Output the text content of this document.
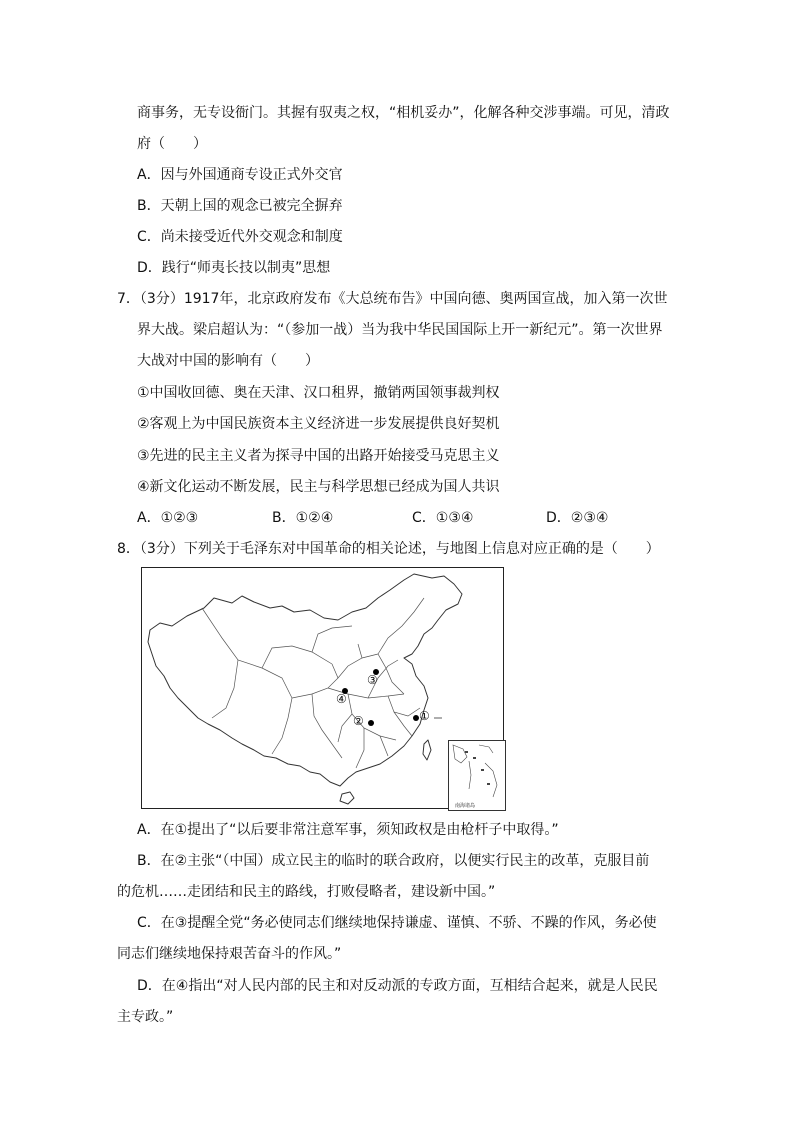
商事务，无专设衙门。其握有驭夷之权，“相机妥办”，化解各种交涉事端。可见，清政
府（　　）
A．因与外国通商专设正式外交官
B．天朝上国的观念已被完全摒弃
C．尚未接受近代外交观念和制度
D．践行“师夷长技以制夷”思想
7．（3分）1917年，北京政府发布《大总统布告》中国向德、奥两国宣战，加入第一次世
界大战。梁启超认为：“（参加一战）当为我中华民国国际上开一新纪元”。第一次世界
大战对中国的影响有（　　）
①中国收回德、奥在天津、汉口租界，撤销两国领事裁判权
②客观上为中国民族资本主义经济进一步发展提供良好契机
③先进的民主主义者为探寻中国的出路开始接受马克思主义
④新文化运动不断发展，民主与科学思想已经成为国人共识
A．①②③	B．①②④	C．①③④	D．②③④
8．（3分）下列关于毛泽东对中国革命的相关论述，与地图上信息对应正确的是（　　）
①
②
③
④
南海诸岛
A．在①提出了“以后要非常注意军事，须知政权是由枪杆子中取得。”
B．在②主张“（中国）成立民主的临时的联合政府，以便实行民主的改革，克服目前
的危机……走团结和民主的路线，打败侵略者，建设新中国。”
C．在③提醒全党“务必使同志们继续地保持谦虚、谨慎、不骄、不躁的作风，务必使
同志们继续地保持艰苦奋斗的作风。”
D．在④指出“对人民内部的民主和对反动派的专政方面，互相结合起来，就是人民民
主专政。”
